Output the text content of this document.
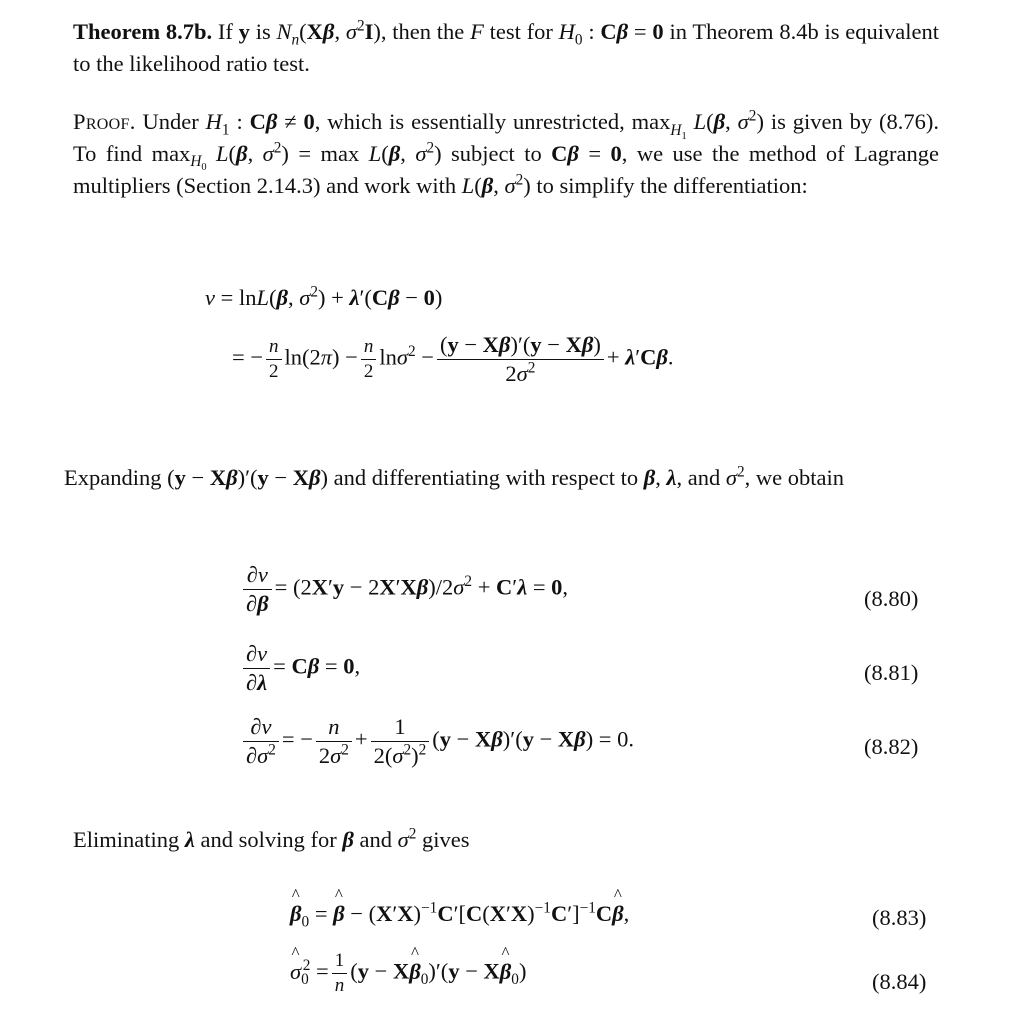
Theorem 8.7b. If y is $N_n(X\beta$, $\sigma^2I$), then the F test for $H_0$ : Cβ = 0 in Theorem 8.4b is equivalent to the likelihood ratio test.

Proof. Under $H_1$ : Cβ ≠ 0, which is essentially unrestricted, $\max_{H_1} L(\beta$, $\sigma^2$) is given by (8.76). To find $\max_{H_0} L(\beta$, $\sigma^2) = \max L(\beta$, $\sigma^2$) subject to Cβ = 0, we use the method of Lagrange multipliers (Section 2.14.3) and work with L(β, $\sigma^2$) to simplify the differentiation:

v = lnL(β, $\sigma^2) + \lambda'(C\beta - 0)$
= − $\frac{n}{2} \ln(2\pi) - \frac{n}{2} \ln\sigma^2 - \frac{(y - X\beta)'(y - X\beta)}{2\sigma^2} + \lambda'C\beta$.

Expanding (y − Xβ)′(y − Xβ) and differentiating with respect to β, λ, and $\sigma^2$, we obtain

$\frac{\partial v}{\partial\beta} = (2X'y - 2X'X\beta)/2\sigma^2 + C'\lambda = 0$,	(8.80)
$\frac{\partial v}{\partial\lambda} = C\beta = 0$,	(8.81)
$\frac{\partial v}{\partial\sigma^2}$ = − $\frac{n}{2\sigma^2} + \frac{1}{2(\sigma^2)^2} (y - X\beta)'(y - X\beta) = 0$.	(8.82)

Eliminating λ and solving for β and $\sigma^2$ gives

^ $\beta_0$ = ^ $\beta - (X'X)^{-1}C'[C(X'X)^{-1}C']^{-1}C\^{}$ β,	(8.83)
^ $\sigma_0^2 = \frac{1}{n} (y$ − X^ $\beta_0)'(y$ − X^ $\beta_0$)	(8.84)
